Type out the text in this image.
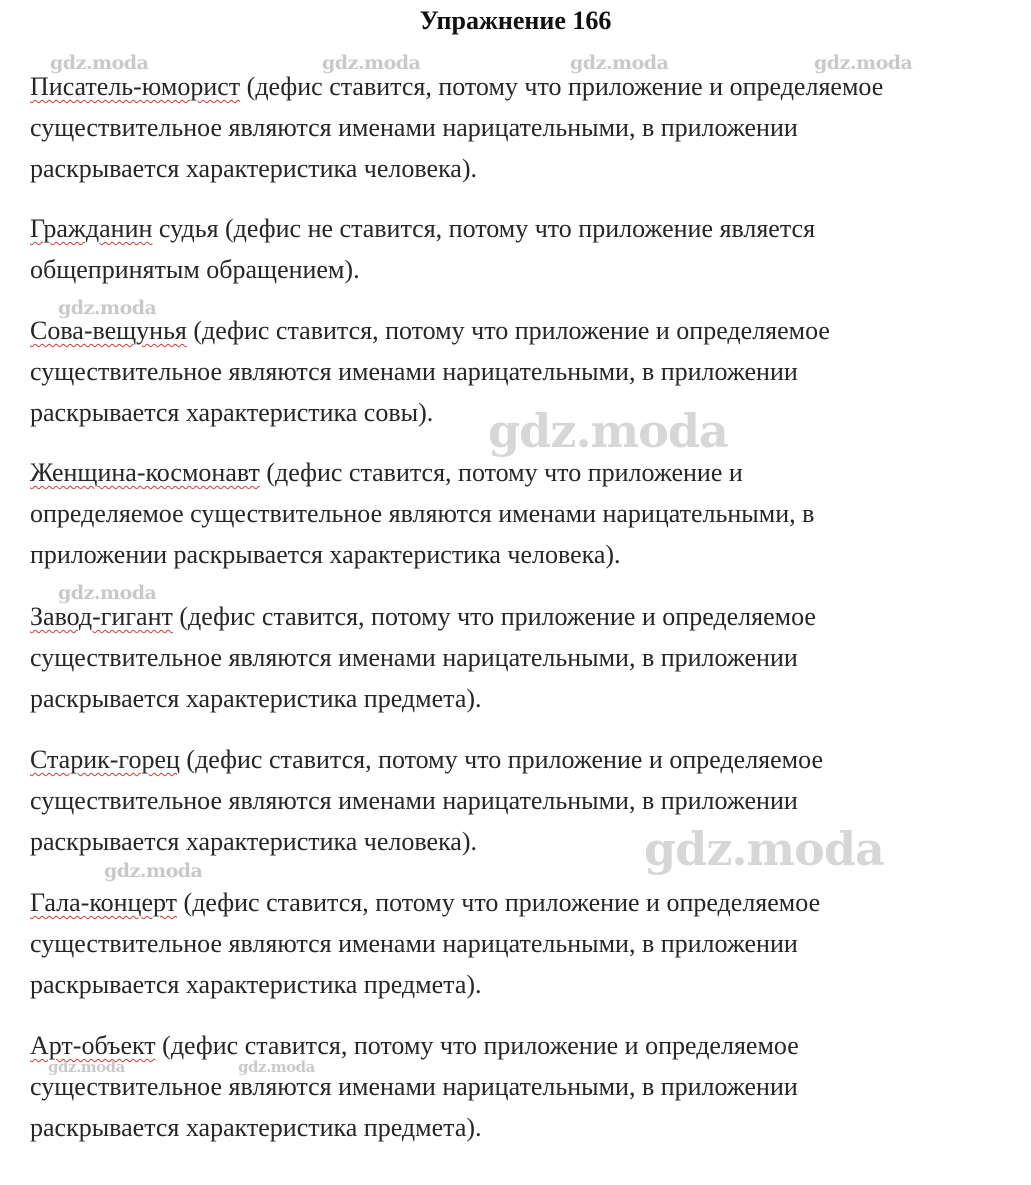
Упражнение 166

Писатель-юморист (дефис ставится, потому что приложение и определяемое
существительное являются именами нарицательными, в приложении
раскрывается характеристика человека).

Гражданин судья (дефис не ставится, потому что приложение является
общепринятым обращением).

Сова-вещунья (дефис ставится, потому что приложение и определяемое
существительное являются именами нарицательными, в приложении
раскрывается характеристика совы).

Женщина-космонавт (дефис ставится, потому что приложение и
определяемое существительное являются именами нарицательными, в
приложении раскрывается характеристика человека).

Завод-гигант (дефис ставится, потому что приложение и определяемое
существительное являются именами нарицательными, в приложении
раскрывается характеристика предмета).

Старик-горец (дефис ставится, потому что приложение и определяемое
существительное являются именами нарицательными, в приложении
раскрывается характеристика человека).

Гала-концерт (дефис ставится, потому что приложение и определяемое
существительное являются именами нарицательными, в приложении
раскрывается характеристика предмета).

Арт-объект (дефис ставится, потому что приложение и определяемое
существительное являются именами нарицательными, в приложении
раскрывается характеристика предмета).

gdz.moda	gdz.moda	gdz.moda	gdz.moda
gdz.moda
gdz.moda
gdz.moda
gdz.moda
gdz.moda
gdz.moda	gdz.moda
